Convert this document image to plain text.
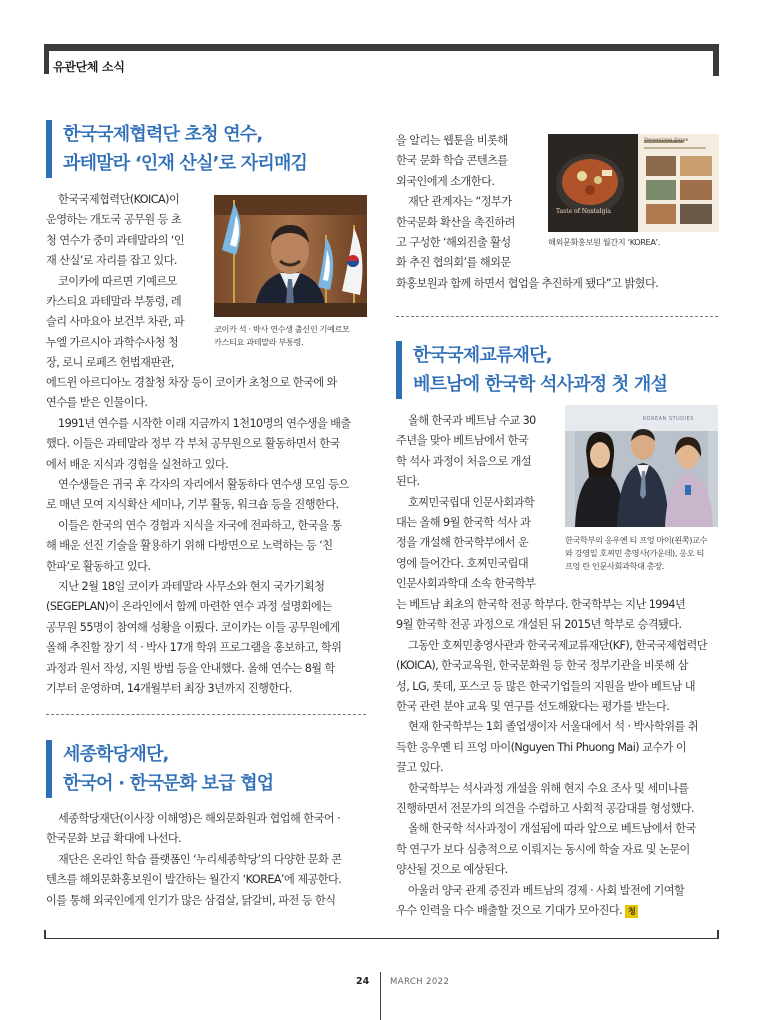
유관단체 소식
한국국제협력단 초청 연수,
과테말라 ‘인재 산실’로 자리매김

한국국제협력단(KOICA)이

운영하는 개도국 공무원 등 초

청 연수가 중미 과테말라의 ‘인

재 산실’로 자리를 잡고 있다.

코이카에 따르면 기예르모

카스티요 과테말라 부통령, 레

슬리 사마요아 보건부 차관, 파

누엘 가르시아 과학수사청 청

장, 로니 로페즈 헌법재판관,

코이카 석 · 박사 연수생 출신인 기예르모
카스티요 과테말라 부통령.

에드윈 아르디아노 경찰청 차장 등이 코이카 초청으로 한국에 와

연수를 받은 인물이다.

1991년 연수를 시작한 이래 지금까지 1천10명의 연수생을 배출

했다. 이들은 과테말라 정부 각 부처 공무원으로 활동하면서 한국

에서 배운 지식과 경험을 실천하고 있다.

연수생들은 귀국 후 각자의 자리에서 활동하다 연수생 모임 등으

로 매년 모여 지식확산 세미나, 기부 활동, 워크숍 등을 진행한다.

이들은 한국의 연수 경험과 지식을 자국에 전파하고, 한국을 통

해 배운 선진 기술을 활용하기 위해 다방면으로 노력하는 등 ‘친

한파’로 활동하고 있다.

지난 2월 18일 코이카 과테말라 사무소와 현지 국가기획청

(SEGEPLAN)이 온라인에서 함께 마련한 연수 과정 설명회에는

공무원 55명이 참여해 성황을 이뤘다. 코이카는 이들 공무원에게

올해 추진할 장기 석 · 박사 17개 학위 프로그램을 홍보하고, 학위

과정과 원서 작성, 지원 방법 등을 안내했다. 올해 연수는 8월 학

기부터 운영하며, 14개월부터 최장 3년까지 진행한다.

세종학당재단,
한국어 · 한국문화 보급 협업

세종학당재단(이사장 이해영)은 해외문화원과 협업해 한국어 ·

한국문화 보급 확대에 나선다.

재단은 온라인 학습 플랫폼인 ‘누리세종학당’의 다양한 문화 콘

텐츠를 해외문화홍보원이 발간하는 월간지 ‘KOREA’에 제공한다.

이를 통해 외국인에게 인기가 많은 삼겹살, 닭갈비, 파전 등 한식

을 알리는 웹툰을 비롯해

한국 문화 학습 콘텐츠를

외국인에게 소개한다.

재단 관계자는 “정부가

한국문화 확산을 촉진하려

고 구성한 ‘해외진출 활성

화 추진 협의회’를 해외문

화홍보원과 함께 하면서 협업을 추진하게 됐다”고 밝혔다.

Taste of Nostalgia
Dwaenjang Jjigae
해외문화홍보원 월간지 ‘KOREA’.
한국국제교류재단,
베트남에 한국학 석사과정 첫 개설

올해 한국과 베트남 수교 30

주년을 맞아 베트남에서 한국

학 석사 과정이 처음으로 개설

된다.

호찌민국립대 인문사회과학

대는 올해 9월 한국학 석사 과

정을 개설해 한국학부에서 운

영에 들어간다. 호찌민국립대

인문사회과학대 소속 한국학부

KOREAN STUDIES
한국학부의 응우옌 티 프엉 마이(왼쪽)교수
와 강영일 호찌민 총영사(가운데), 응오 티
프엉 란 인문사회과학대 총장.

는 베트남 최초의 한국학 전공 학부다. 한국학부는 지난 1994년

9월 한국학 전공 과정으로 개설된 뒤 2015년 학부로 승격됐다.

그동안 호찌민총영사관과 한국국제교류재단(KF), 한국국제협력단

(KOICA), 한국교육원, 한국문화원 등 한국 정부기관을 비롯해 삼

성, LG, 롯데, 포스코 등 많은 한국기업들의 지원을 받아 베트남 내

한국 관련 분야 교육 및 연구를 선도해왔다는 평가를 받는다.

현재 한국학부는 1회 졸업생이자 서울대에서 석 · 박사학위를 취

득한 응우옌 티 프엉 마이(Nguyen Thi Phuong Mai) 교수가 이

끌고 있다.

한국학부는 석사과정 개설을 위해 현지 수요 조사 및 세미나를

진행하면서 전문가의 의견을 수렴하고 사회적 공감대를 형성했다.

올해 한국학 석사과정이 개설됨에 따라 앞으로 베트남에서 한국

학 연구가 보다 심층적으로 이뤄지는 동시에 학술 자료 및 논문이

양산될 것으로 예상된다.

아울러 양국 관계 증진과 베트남의 경제 · 사회 발전에 기여할

우수 인력을 다수 배출할 것으로 기대가 모아진다. 청

24 MARCH 2022
